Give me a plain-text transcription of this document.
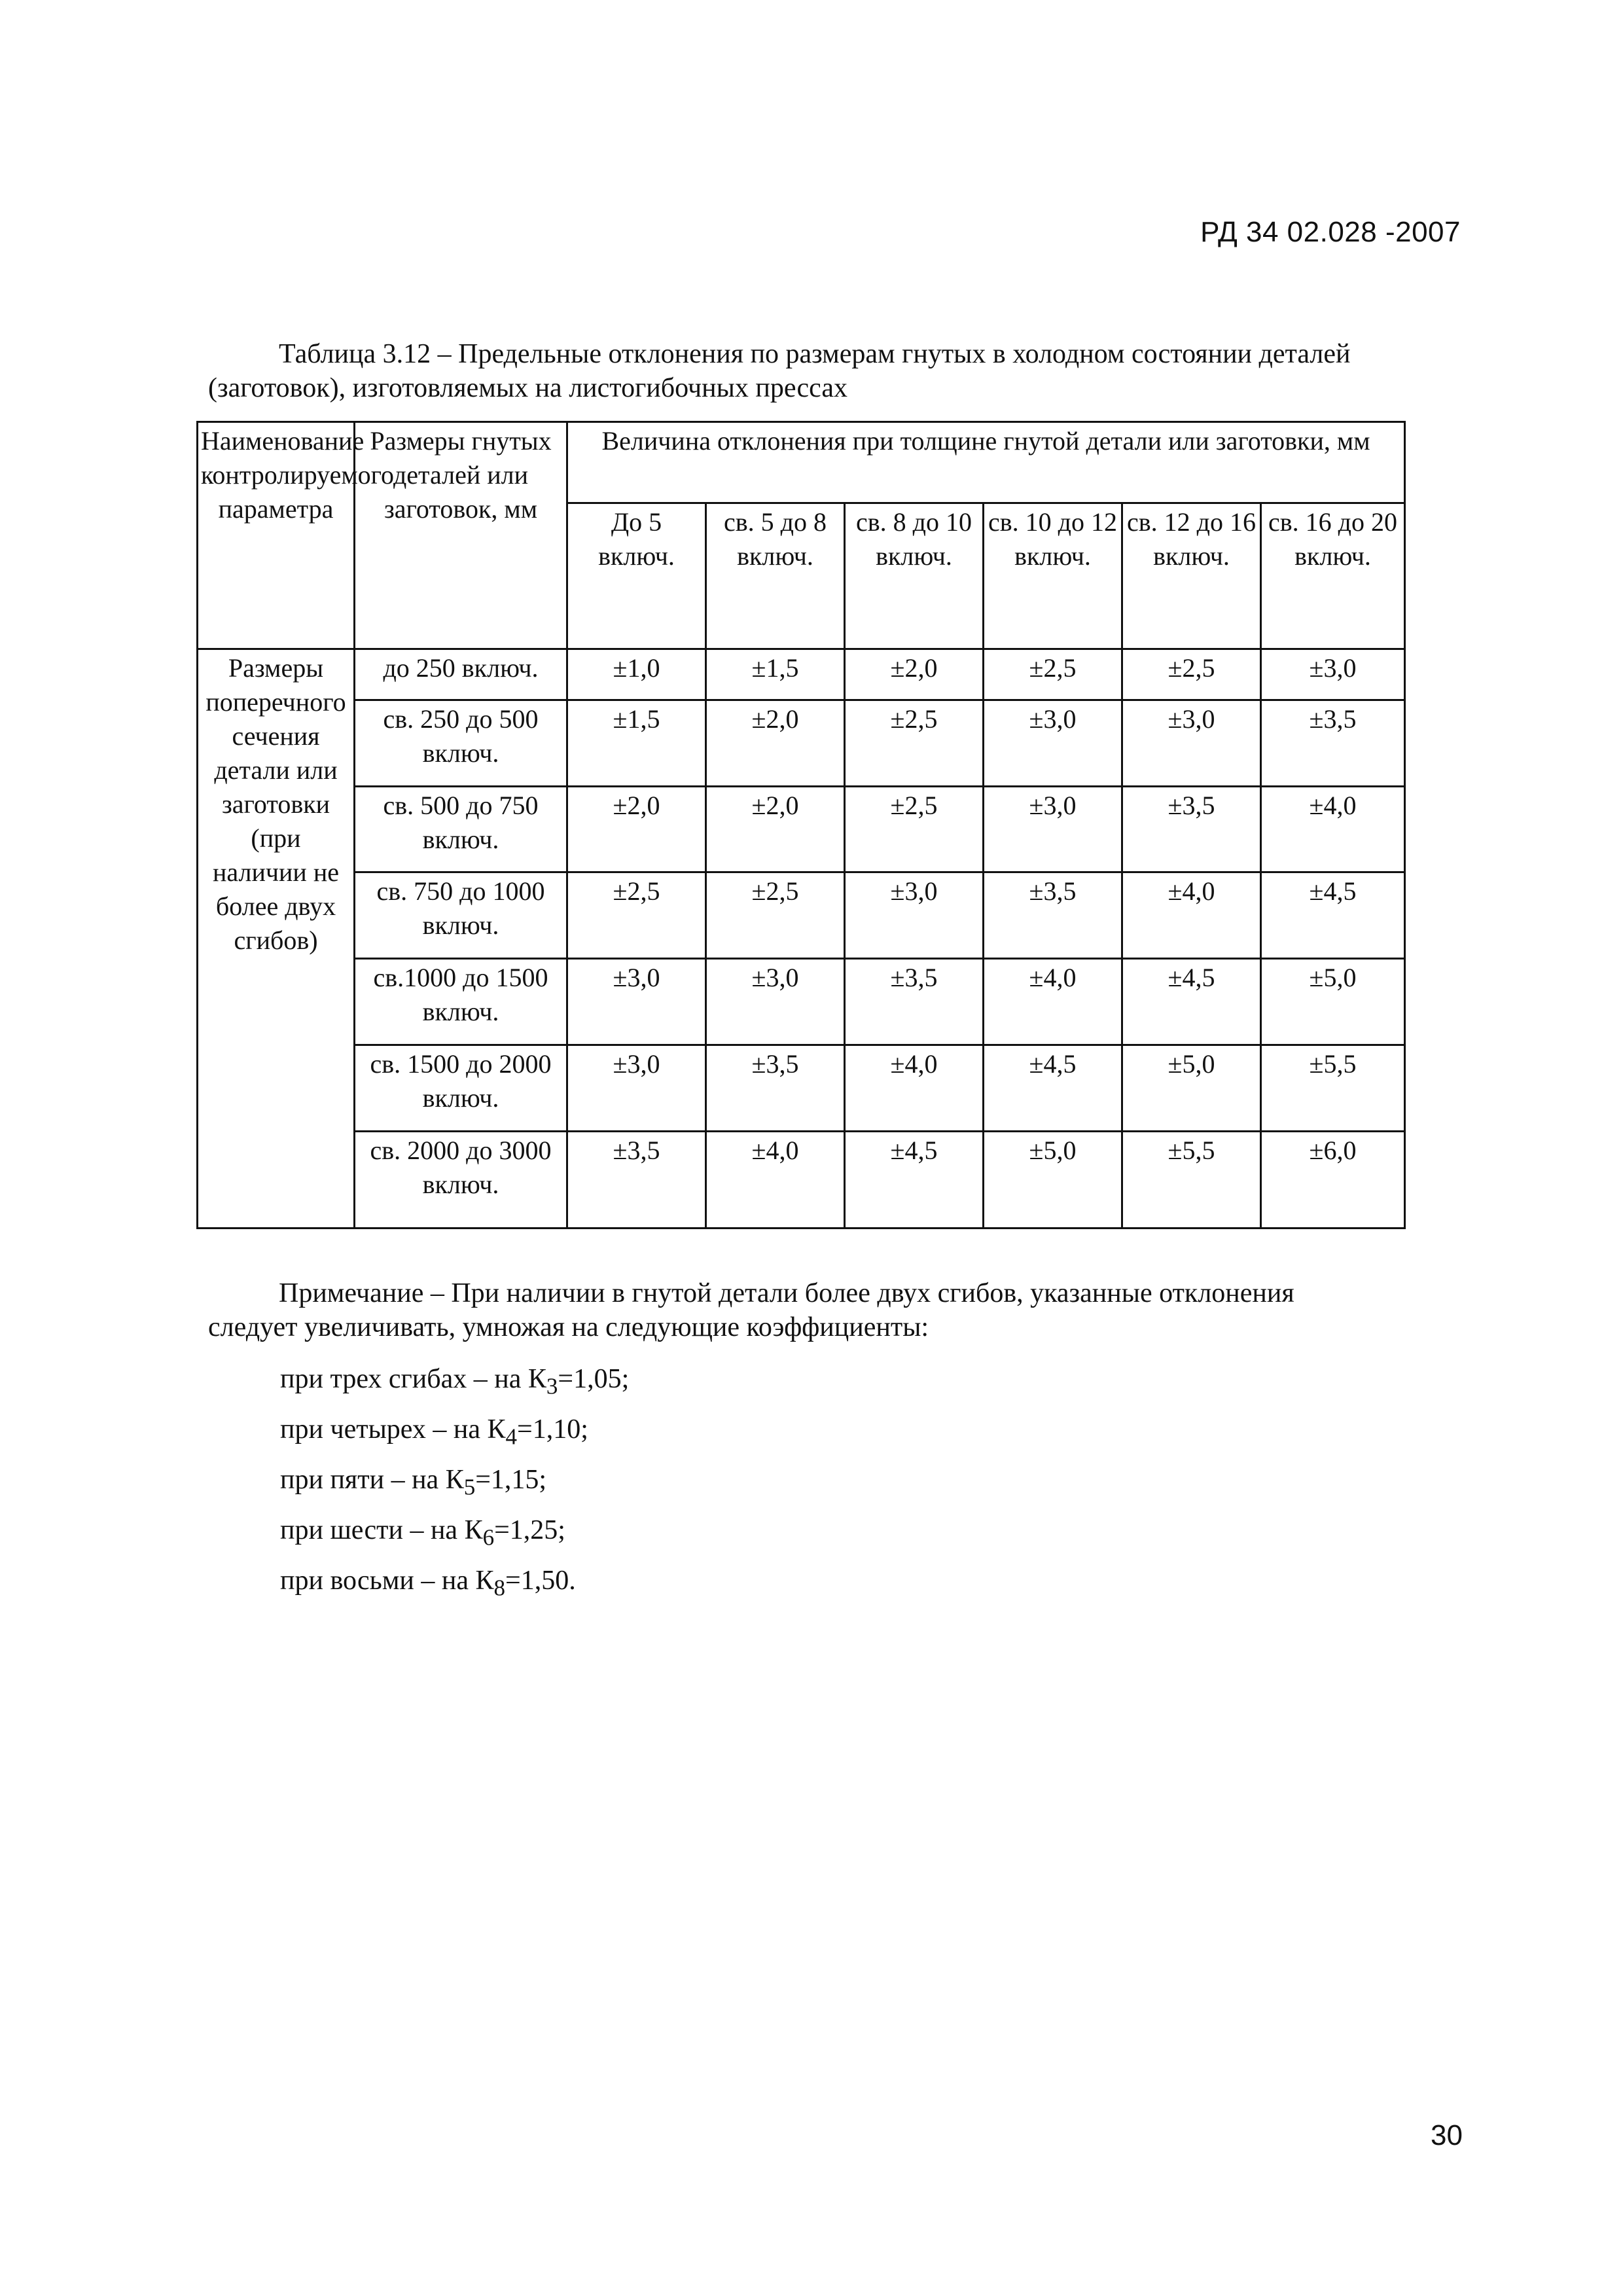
РД 34 02.028 -2007
Таблица 3.12 – Предельные отклонения по размерам гнутых в холодном состоянии деталей
(заготовок), изготовляемых на листогибочных прессах
Наименование контролируемого параметра	Размеры гнутых деталей или заготовок, мм	Величина отклонения при толщине гнутой детали или заготовки, мм					
		До 5 включ.	св. 5 до 8 включ.	св. 8 до 10 включ.	св. 10 до 12 включ.	св. 12 до 16 включ.	св. 16 до 20 включ.
Размеры поперечного сечения детали или заготовки (при наличии не более двух сгибов)	до 250 включ.	±1,0	±1,5	±2,0	±2,5	±2,5	±3,0
	св. 250 до 500 включ.	±1,5	±2,0	±2,5	±3,0	±3,0	±3,5
	св. 500 до 750 включ.	±2,0	±2,0	±2,5	±3,0	±3,5	±4,0
	св. 750 до 1000 включ.	±2,5	±2,5	±3,0	±3,5	±4,0	±4,5
	св.1000 до 1500 включ.	±3,0	±3,0	±3,5	±4,0	±4,5	±5,0
	св. 1500 до 2000 включ.	±3,0	±3,5	±4,0	±4,5	±5,0	±5,5
	св. 2000 до 3000 включ.	±3,5	±4,0	±4,5	±5,0	±5,5	±6,0
Примечание – При наличии в гнутой детали более двух сгибов, указанные отклонения
следует увеличивать, умножая на следующие коэффициенты:
при трех сгибах – на $К_3=1,05$;
при четырех – на $К_4=1,10$;
при пяти – на $К_5=1,15$;
при шести – на $К_6=1,25$;
при восьми – на $К_8=1,50$.
30
